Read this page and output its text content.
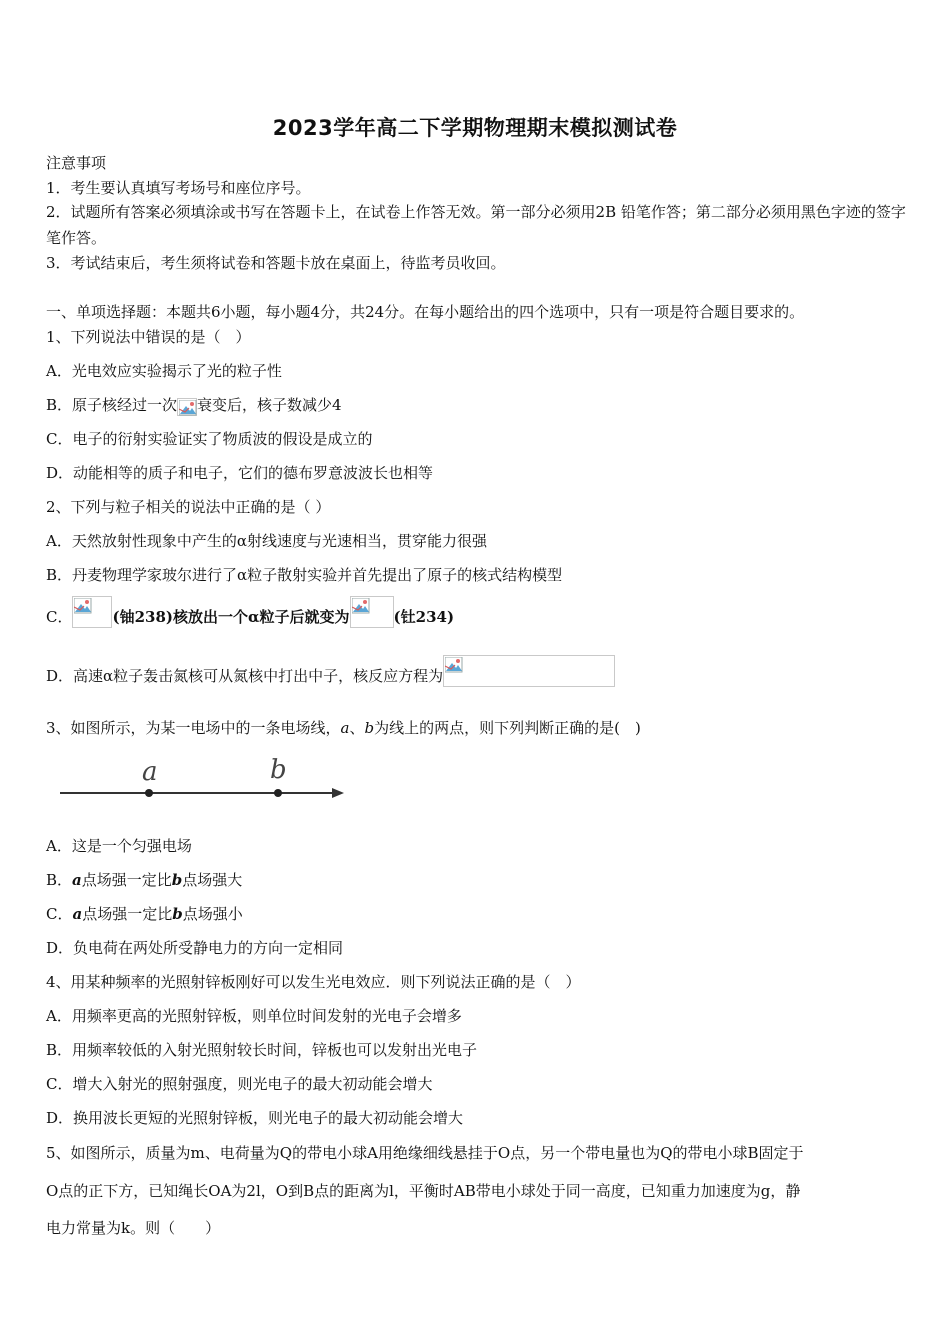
2023学年高二下学期物理期末模拟测试卷
注意事项
1．考生要认真填写考场号和座位序号。
2．试题所有答案必须填涂或书写在答题卡上，在试卷上作答无效。第一部分必须用2B 铅笔作答；第二部分必须用黑色字迹的签字笔作答。
3．考试结束后，考生须将试卷和答题卡放在桌面上，待监考员收回。
一、单项选择题：本题共6小题，每小题4分，共24分。在每小题给出的四个选项中，只有一项是符合题目要求的。
1、下列说法中错误的是（　）
A．光电效应实验揭示了光的粒子性
B．原子核经过一次 衰变后，核子数减少4
C．电子的衍射实验证实了物质波的假设是成立的
D．动能相等的质子和电子，它们的德布罗意波波长也相等
2、下列与粒子相关的说法中正确的是（ ）
A．天然放射性现象中产生的α射线速度与光速相当，贯穿能力很强
B．丹麦物理学家玻尔进行了α粒子散射实验并首先提出了原子的核式结构模型
C．	(铀238)核放出一个α粒子后就变为	(钍234)
D．高速α粒子轰击氮核可从氮核中打出中子，核反应方程为
3、如图所示，为某一电场中的一条电场线，a、b为线上的两点，则下列判断正确的是(　)
a	b
A．这是一个匀强电场
B．a点场强一定比b点场强大
C．a点场强一定比b点场强小
D．负电荷在两处所受静电力的方向一定相同
4、用某种频率的光照射锌板刚好可以发生光电效应．则下列说法正确的是（　）
A．用频率更高的光照射锌板，则单位时间发射的光电子会增多
B．用频率较低的入射光照射较长时间，锌板也可以发射出光电子
C．增大入射光的照射强度，则光电子的最大初动能会增大
D．换用波长更短的光照射锌板，则光电子的最大初动能会增大
5、如图所示，质量为m、电荷量为Q的带电小球A用绝缘细线悬挂于O点，另一个带电量也为Q的带电小球B固定于
O点的正下方，已知绳长OA为2l，O到B点的距离为l，平衡时AB带电小球处于同一高度，已知重力加速度为g，静
电力常量为k。则（　　）
